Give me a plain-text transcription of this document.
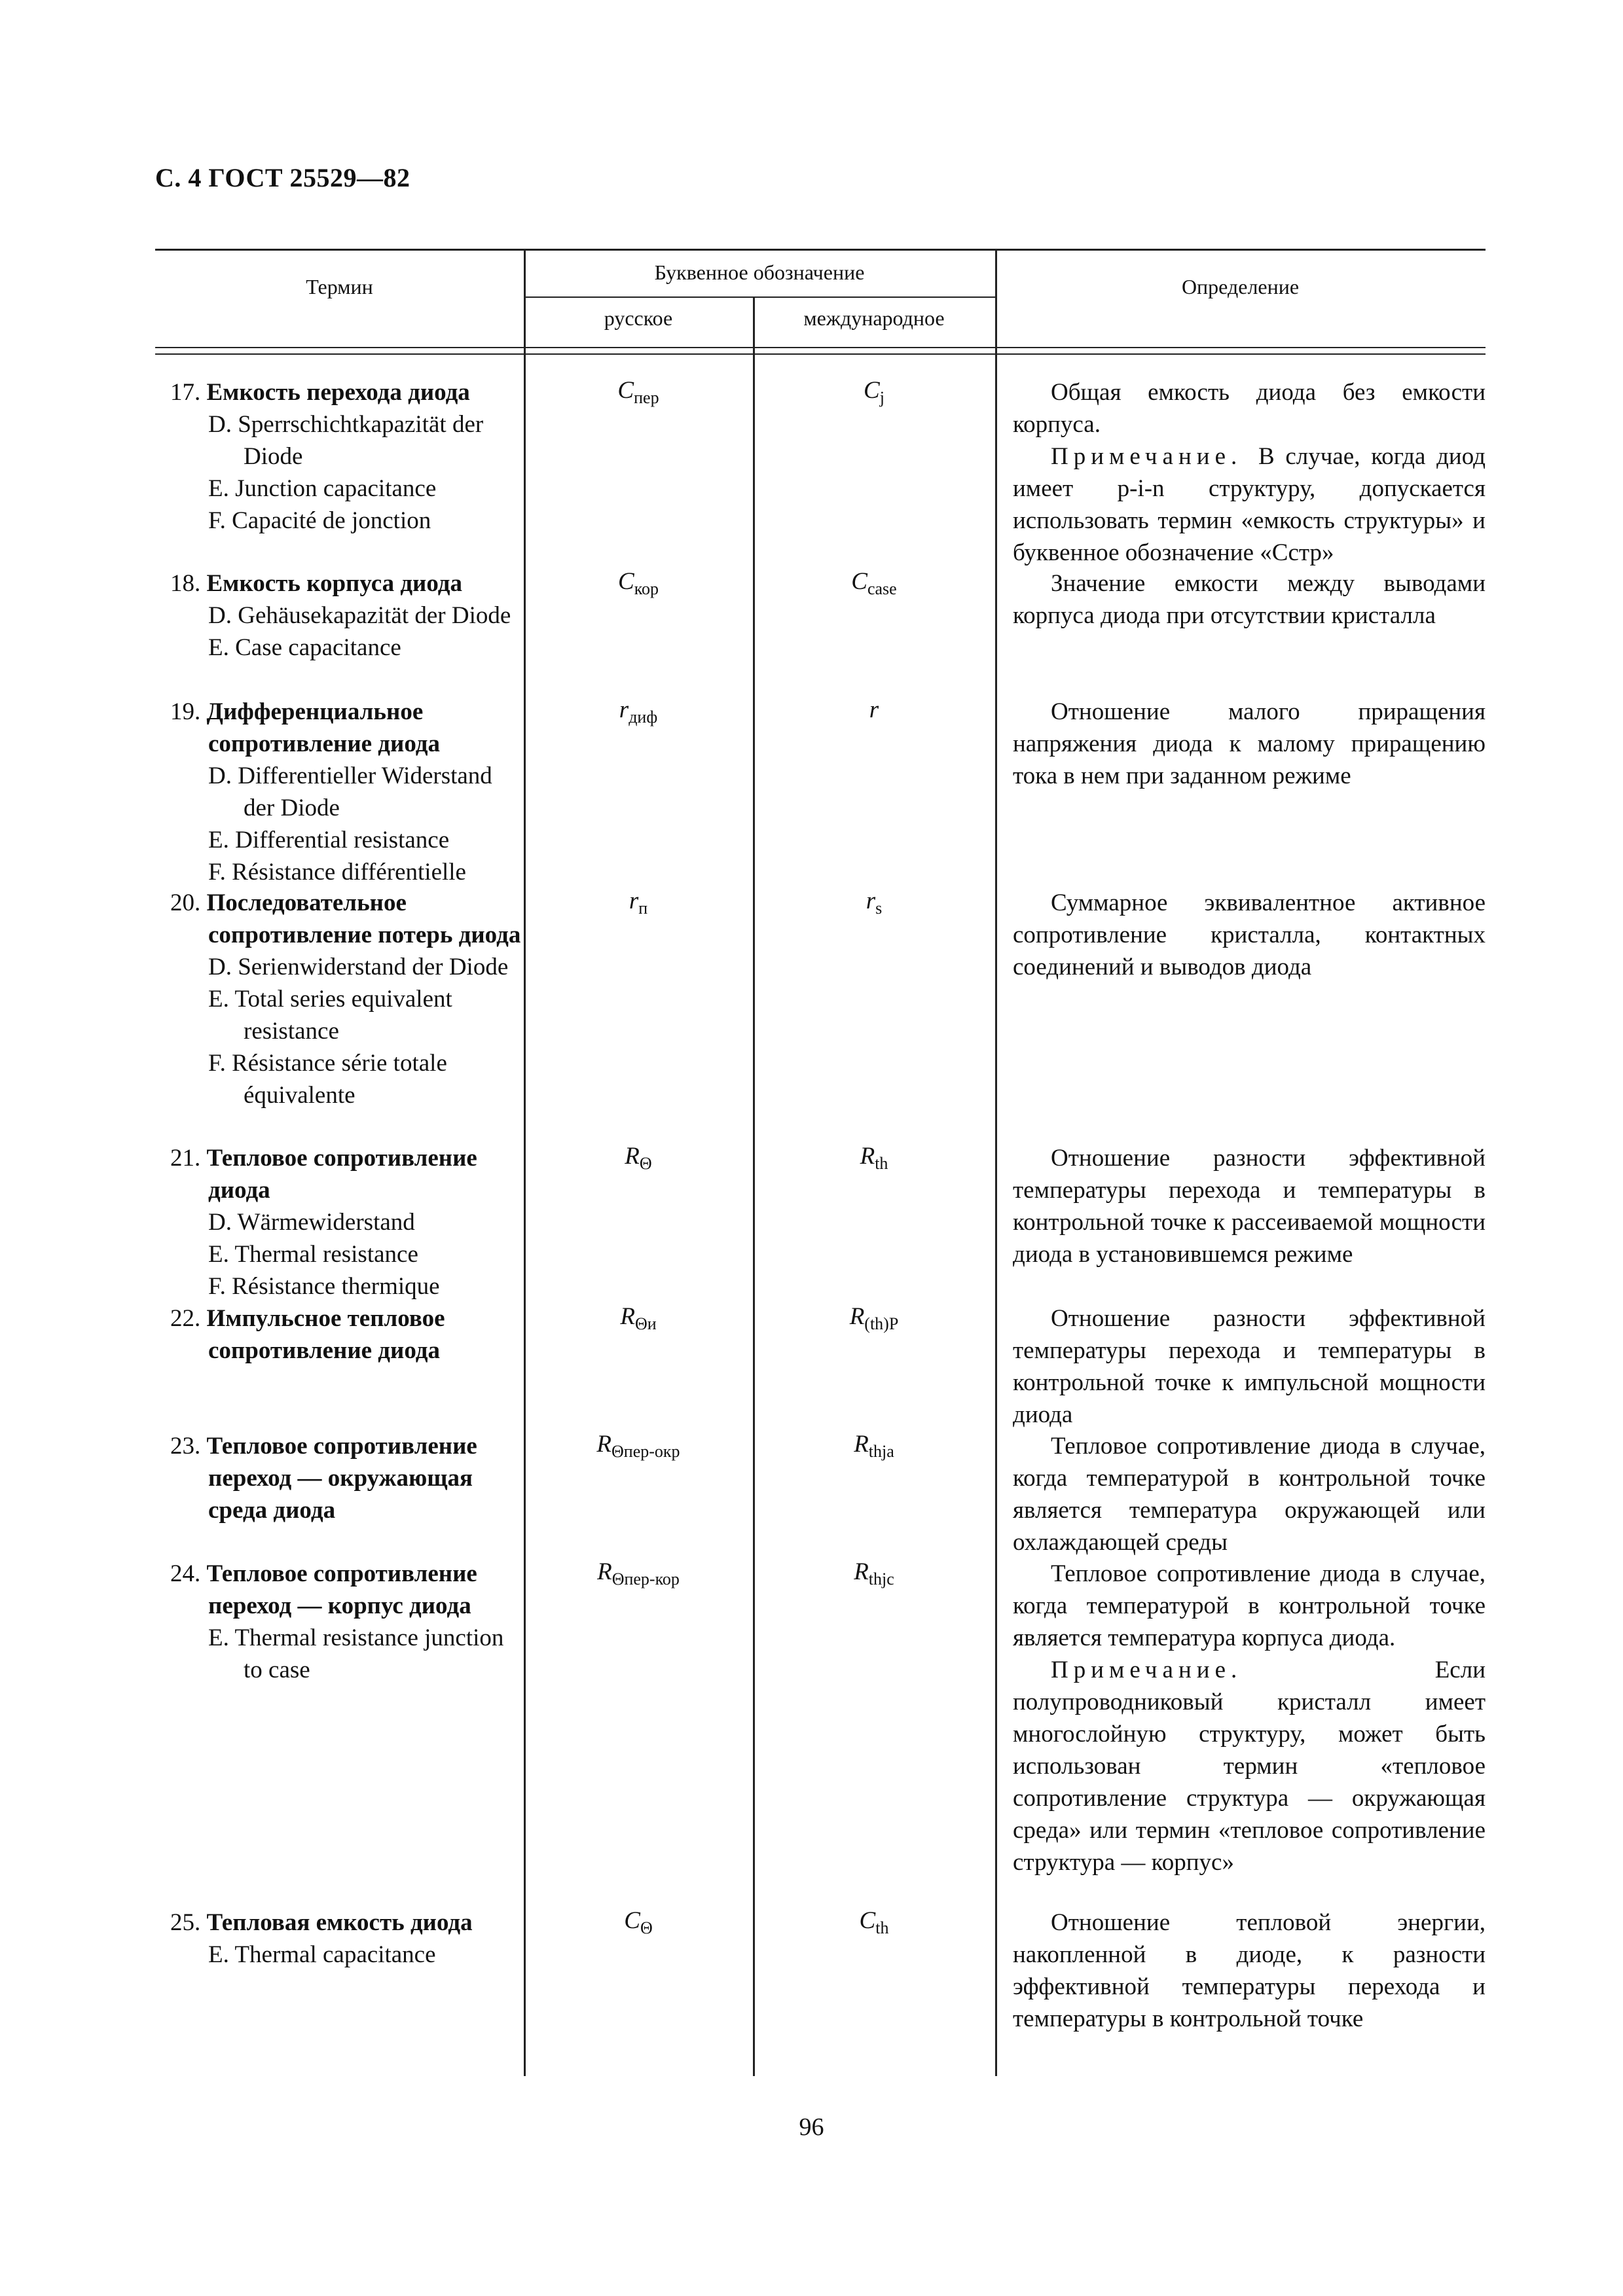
С. 4 ГОСТ 25529—82
Термин
Буквенное обозначение
русское	международное
Определение
17. Емкость перехода диода
D. Sperrschichtkapazität der Diode
E. Junction capacitance
F. Capacité de jonction
$C_{пер}$	$C_j$	Общая емкость диода без емкости корпуса.

Примечание. В случае, когда диод имеет p-i-n структуру, допускается использовать термин «емкость структуры» и буквенное обозначение «Cстр»

18. Емкость корпуса диода
D. Gehäusekapazität der Diode
E. Case capacitance
$C_{кор}$	$C_{case}$	Значение емкости между выводами корпуса диода при отсутствии кристалла

19. Дифференциальное сопротивление диода
D. Differentieller Widerstand der Diode
E. Differential resistance
F. Résistance différentielle
$r_{диф}$	r	Отношение малого приращения напряжения диода к малому приращению тока в нем при заданном режиме

20. Последовательное сопротивление потерь диода
D. Serienwiderstand der Diode
E. Total series equivalent resistance
F. Résistance série totale équivalente
$r_п$	$r_s$	Суммарное эквивалентное активное сопротивление кристалла, контактных соединений и выводов диода

21. Тепловое сопротивление диода
D. Wärmewiderstand
E. Thermal resistance
F. Résistance thermique
$R_\Theta$	$R_{th}$	Отношение разности эффективной температуры перехода и температуры в контрольной точке к рассеиваемой мощности диода в установившемся режиме

22. Импульсное тепловое сопротивление диода
$R_{\Theta и}$	$R_{(th)P}$	Отношение разности эффективной температуры перехода и температуры в контрольной точке к импульсной мощности диода

23. Тепловое сопротивление переход — окружающая среда диода
$R_{\Theta пер-окр}$	$R_{thja}$	Тепловое сопротивление диода в случае, когда температурой в контрольной точке является температура окружающей или охлаждающей среды

24. Тепловое сопротивление переход — корпус диода
E. Thermal resistance junction to case
$R_{\Theta пер-кор}$	$R_{thjc}$	Тепловое сопротивление диода в случае, когда температурой в контрольной точке является температура корпуса диода.

Примечание. Если полупроводниковый кристалл имеет многослойную структуру, может быть использован термин «тепловое сопротивление структура — окружающая среда» или термин «тепловое сопротивление структура — корпус»

25. Тепловая емкость диода
E. Thermal capacitance
$C_\Theta$	$C_{th}$	Отношение тепловой энергии, накопленной в диоде, к разности эффективной температуры перехода и температуры в контрольной точке

96
